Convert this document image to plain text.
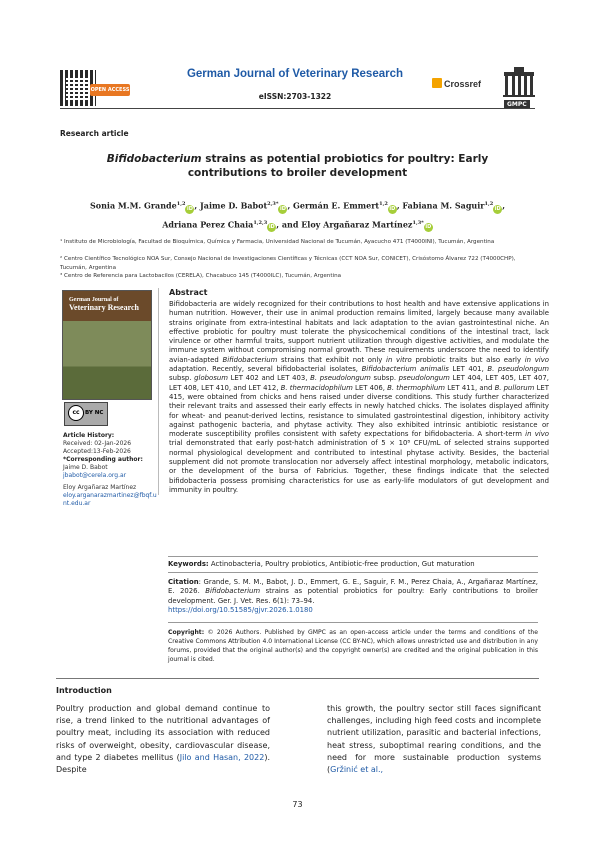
OPEN ACCESS
German Journal of Veterinary Research
eISSN:2703-1322
Crossref
GMPC
Research article
Bifidobacterium strains as potential probiotics for poultry: Early contributions to broiler development
Sonia M.M. Grande$^{1,2}$iD , Jaime D. Babot$^{2,3*}$iD , Germán E. Emmert$^{1,2}$iD , Fabiana M. Saguir$^{1,2}$iD , Adriana Perez Chaia$^{1,2,3}$iD , and Eloy Argañaraz Martínez$^{1,3*}$iD
¹ Instituto de Microbiología, Facultad de Bioquímica, Química y Farmacia, Universidad Nacional de Tucumán, Ayacucho 471 (T4000INI), Tucumán, Argentina
² Centro Científico Tecnológico NOA Sur, Consejo Nacional de Investigaciones Científicas y Técnicas (CCT NOA Sur, CONICET), Crisóstomo Álvarez 722 (T4000CHP), Tucumán, Argentina
³ Centro de Referencia para Lactobacilos (CERELA), Chacabuco 145 (T4000ILC), Tucumán, Argentina
German Journal of
Veterinary Research
cc BY NC
Article History:
Received: 02-Jan-2026
Accepted:13-Feb-2026
*Corresponding author:
Jaime D. Babot
jbabot@cerela.org.ar

Eloy Argañaraz Martínez
eloy.arganarazmartinez@fbqf.unt.edu.ar
Abstract
Bifidobacteria are widely recognized for their contributions to host health and have extensive applications in human nutrition. However, their use in animal production remains limited, largely because many available strains originate from extra-intestinal habitats and lack adaptation to the avian gastrointestinal niche. An effective probiotic for poultry must tolerate the physicochemical conditions of the intestinal tract, lack virulence or other harmful traits, support nutrient utilization through digestive activities, and modulate the immune system without compromising normal growth. These requirements underscore the need to identify avian-adapted Bifidobacterium strains that exhibit not only in vitro probiotic traits but also early in vivo adaptation. Recently, several bifidobacterial isolates, Bifidobacterium animalis LET 401, B. pseudolongum subsp. globosum LET 402 and LET 403, B. pseudolongum subsp. pseudolongum LET 404, LET 405, LET 407, LET 408, LET 410, and LET 412, B. thermacidophilum LET 406, B. thermophilum LET 411, and B. pullorum LET 415, were obtained from chicks and hens raised under diverse conditions. This study further characterized their relevant traits and assessed their early effects in newly hatched chicks. The isolates displayed affinity for wheat- and peanut-derived lectins, resistance to simulated gastrointestinal digestion, inhibitory activity against pathogenic bacteria, and phytase activity. They also exhibited intrinsic antibiotic resistance or moderate susceptibility profiles consistent with safety expectations for bifidobacteria. A short-term in vivo trial demonstrated that early post-hatch administration of 5 × 10⁸ CFU/mL of selected strains supported normal physiological development and contributed to intestinal phytase activity. Besides, the bacterial supplement did not promote translocation nor adversely affect intestinal morphology, metabolic indicators, or the development of the bursa of Fabricius. Together, these findings indicate that the selected bifidobacteria possess promising characteristics for use as early-life modulators of gut development and immunity in poultry.
Keywords: Actinobacteria, Poultry probiotics, Antibiotic-free production, Gut maturation
Citation: Grande, S. M. M., Babot, J. D., Emmert, G. E., Saguir, F. M., Perez Chaia, A., Argañaraz Martínez, E. 2026. Bifidobacterium strains as potential probiotics for poultry: Early contributions to broiler development. Ger. J. Vet. Res. 6(1): 73–94.
https://doi.org/10.51585/gjvr.2026.1.0180
Copyright: © 2026 Authors. Published by GMPC as an open-access article under the terms and conditions of the Creative Commons Attribution 4.0 International License (CC BY-NC), which allows unrestricted use and distribution in any forums, provided that the original author(s) and the copyright owner(s) are credited and the original publication in this journal is cited.
Introduction
Poultry production and global demand continue to rise, a trend linked to the nutritional advantages of poultry meat, including its association with reduced risks of overweight, obesity, cardiovascular disease, and type 2 diabetes mellitus (Jilo and Hasan, 2022). Despite
this growth, the poultry sector still faces significant challenges, including high feed costs and incomplete nutrient utilization, parasitic and bacterial infections, heat stress, suboptimal rearing conditions, and the need for more sustainable production systems (Gržinić et al.,
73
